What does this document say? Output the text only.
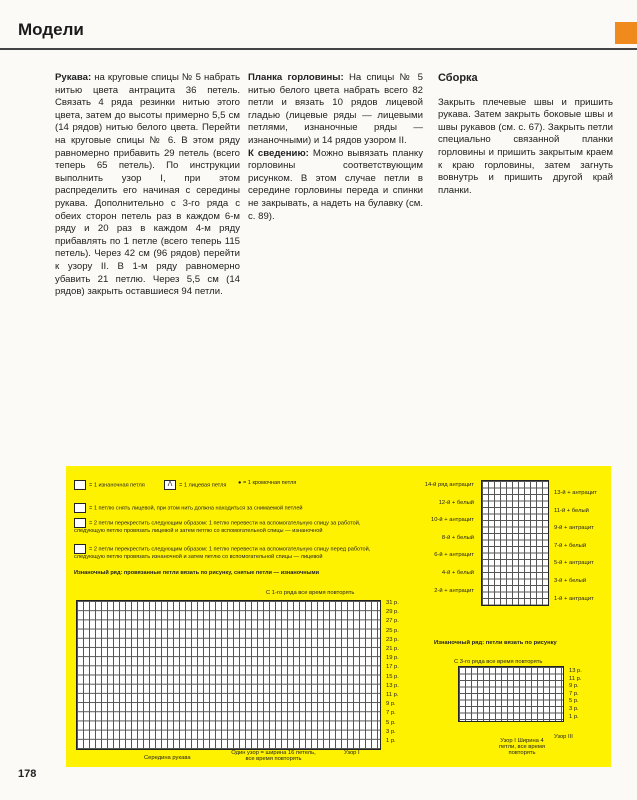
Модели
Рукава: на круговые спицы № 5 набрать нитью цвета антрацита 36 петель. Связать 4 ряда резинки нитью этого цвета, затем до высоты примерно 5,5 см (14 рядов) нитью белого цвета. Перейти на круговые спицы № 6. В этом ряду равномерно прибавить 29 петель (всего теперь 65 петель). По инструкции выполнить узор I, при этом распределить его начиная с середины рукава. Дополнительно с 3-го ряда с обеих сторон петель раз в каждом 6-м ряду и 20 раз в каждом 4-м ряду прибавлять по 1 петле (всего теперь 115 петель). Через 42 см (96 рядов) перейти к узору II. В 1-м ряду равномерно убавить 21 петлю. Через 5,5 см (14 рядов) закрыть оставшиеся 94 петли.
Планка горловины: На спицы № 5 нитью белого цвета набрать всего 82 петли и вязать 10 рядов лицевой гладью (лицевые ряды — лицевыми петлями, изнаночные ряды — изнаночными) и 14 рядов узором II.
К сведению: Можно вывязать планку горловины соответствующим рисунком. В этом случае петли в середине горловины переда и спинки не закрывать, а надеть на булавку (см. с. 89).
Сборка
Закрыть плечевые швы и пришить рукава. Затем закрыть боковые швы и швы рукавов (см. с. 67). Закрыть петли специально связанной планки горловины и пришить закрытым краем к краю горловины, затем загнуть вовнутрь и пришить другой край планки.
= 1 изнаночная петля	ᐱ = 1 лицевая петля	● = 1 кромочная петля
= 1 петлю снять лицевой, при этом нить должна находиться за снимаемой петлей
= 2 петли перекрестить следующим образом: 1 петлю перевести на вспомогательную спицу за работой, следующую петлю провязать лицевой и затем петлю со вспомогательной спицы — изнаночной
= 2 петли перекрестить следующим образом: 1 петлю перевести на вспомогательную спицу перед работой, следующую петлю провязать изнаночной и затем петлю со вспомогательной спицы — лицевой
Изнаночный ряд: провязанные петли вязать по рисунку, снятые петли — изнаночными
14-й ряд антрацит
12-й + белый
10-й + антрацит
8-й + белый
6-й + антрацит
4-й + белый
2-й + антрацит
13-й + антрацит
11-й + белый
9-й + антрацит
7-й + белый
5-й + антрацит
3-й + белый
1-й + антрацит
С 1-го ряда все время повторять
31 р.
29 р.
27 р.
25 р.
23 р.
21 р.
19 р.
17 р.
15 р.
13 р.
11 р.
9 р.
7 р.
5 р.
3 р.
1 р.
Середина рукава
Один узор = ширина 16 петель, все время повторять
Узор I
Изнаночный ряд: петли вязать по рисунку
С 3-го ряда все время повторять
13 р.
11 р.
9 р.
7 р.
5 р.
3 р.
1 р.
Узор I Ширина 4 петли, все время повторять
Узор III
178
